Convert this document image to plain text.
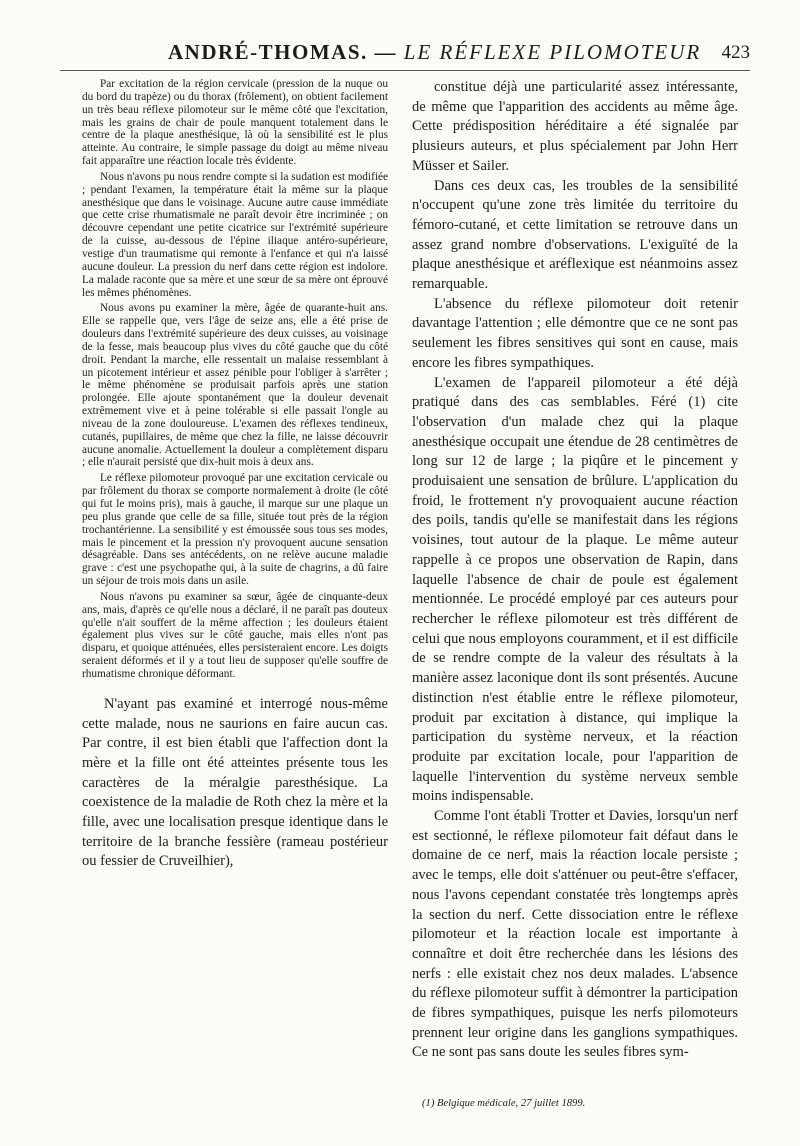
ANDRÉ-THOMAS. — LE RÉFLEXE PILOMOTEUR 423

Par excitation de la région cervicale (pression de la nuque ou du bord du trapèze) ou du thorax (frôlement), on obtient facilement un très beau réflexe pilomoteur sur le même côté que l'excitation, mais les grains de chair de poule manquent totalement dans le centre de la plaque anesthésique, là où la sensibilité est le plus atteinte. Au contraire, le simple passage du doigt au même niveau fait apparaître une réaction locale très évidente.

Nous n'avons pu nous rendre compte si la sudation est modifiée ; pendant l'examen, la température était la même sur la plaque anesthésique que dans le voisinage. Aucune autre cause immédiate que cette crise rhumatismale ne paraît devoir être incriminée ; on découvre cependant une petite cicatrice sur l'extrémité supérieure de la cuisse, au-dessous de l'épine iliaque antéro-supérieure, vestige d'un traumatisme qui remonte à l'enfance et qui n'a laissé aucune douleur. La pression du nerf dans cette région est indolore. La malade raconte que sa mère et une sœur de sa mère ont éprouvé les mêmes phénomènes.

Nous avons pu examiner la mère, âgée de quarante-huit ans. Elle se rappelle que, vers l'âge de seize ans, elle a été prise de douleurs dans l'extrémité supérieure des deux cuisses, au voisinage de la fesse, mais beaucoup plus vives du côté gauche que du côté droit. Pendant la marche, elle ressentait un malaise ressemblant à un picotement intérieur et assez pénible pour l'obliger à s'arrêter ; le même phénomène se produisait parfois après une station prolongée. Elle ajoute spontanément que la douleur devenait extrêmement vive et à peine tolérable si elle passait l'ongle au niveau de la zone douloureuse. L'examen des réflexes tendineux, cutanés, pupillaires, de même que chez la fille, ne laisse découvrir aucune anomalie. Actuellement la douleur a complètement disparu ; elle n'aurait persisté que dix-huit mois à deux ans.

Le réflexe pilomoteur provoqué par une excitation cervicale ou par frôlement du thorax se comporte normalement à droite (le côté qui fut le moins pris), mais à gauche, il marque sur une plaque un peu plus grande que celle de sa fille, située tout près de la région trochantérienne. La sensibilité y est émoussée sous tous ses modes, mais le pincement et la pression n'y provoquent aucune sensation désagréable. Dans ses antécédents, on ne relève aucune maladie grave : c'est une psychopathe qui, à la suite de chagrins, a dû faire un séjour de trois mois dans un asile.

Nous n'avons pu examiner sa sœur, âgée de cinquante-deux ans, mais, d'après ce qu'elle nous a déclaré, il ne paraît pas douteux qu'elle n'ait souffert de la même affection ; les douleurs étaient également plus vives sur le côté gauche, mais elles n'ont pas disparu, et quoique atténuées, elles persisteraient encore. Les doigts seraient déformés et il y a tout lieu de supposer qu'elle souffre de rhumatisme chronique déformant.

N'ayant pas examiné et interrogé nous-même cette malade, nous ne saurions en faire aucun cas. Par contre, il est bien établi que l'affection dont la mère et la fille ont été atteintes présente tous les caractères de la méralgie paresthésique. La coexistence de la maladie de Roth chez la mère et la fille, avec une localisation presque identique dans le territoire de la branche fessière (rameau postérieur ou fessier de Cruveilhier),

constitue déjà une particularité assez intéressante, de même que l'apparition des accidents au même âge. Cette prédisposition héréditaire a été signalée par plusieurs auteurs, et plus spécialement par John Herr Müsser et Sailer.

Dans ces deux cas, les troubles de la sensibilité n'occupent qu'une zone très limitée du territoire du fémoro-cutané, et cette limitation se retrouve dans un assez grand nombre d'observations. L'exiguïté de la plaque anesthésique et aréflexique est néanmoins assez remarquable.

L'absence du réflexe pilomoteur doit retenir davantage l'attention ; elle démontre que ce ne sont pas seulement les fibres sensitives qui sont en cause, mais encore les fibres sympathiques.

L'examen de l'appareil pilomoteur a été déjà pratiqué dans des cas semblables. Féré (1) cite l'observation d'un malade chez qui la plaque anesthésique occupait une étendue de 28 centimètres de long sur 12 de large ; la piqûre et le pincement y produisaient une sensation de brûlure. L'application du froid, le frottement n'y provoquaient aucune réaction des poils, tandis qu'elle se manifestait dans les régions voisines, tout autour de la plaque. Le même auteur rappelle à ce propos une observation de Rapin, dans laquelle l'absence de chair de poule est également mentionnée. Le procédé employé par ces auteurs pour rechercher le réflexe pilomoteur est très différent de celui que nous employons couramment, et il est difficile de se rendre compte de la valeur des résultats à la manière assez laconique dont ils sont présentés. Aucune distinction n'est établie entre le réflexe pilomoteur, produit par excitation à distance, qui implique la participation du système nerveux, et la réaction produite par excitation locale, pour l'apparition de laquelle l'intervention du système nerveux semble moins indispensable.

Comme l'ont établi Trotter et Davies, lorsqu'un nerf est sectionné, le réflexe pilomoteur fait défaut dans le domaine de ce nerf, mais la réaction locale persiste ; avec le temps, elle doit s'atténuer ou peut-être s'effacer, nous l'avons cependant constatée très longtemps après la section du nerf. Cette dissociation entre le réflexe pilomoteur et la réaction locale est importante à connaître et doit être recherchée dans les lésions des nerfs : elle existait chez nos deux malades. L'absence du réflexe pilomoteur suffit à démontrer la participation de fibres sympathiques, puisque les nerfs pilomoteurs prennent leur origine dans les ganglions sympathiques. Ce ne sont pas sans doute les seules fibres sym-

(1) Belgique médicale, 27 juillet 1899.
